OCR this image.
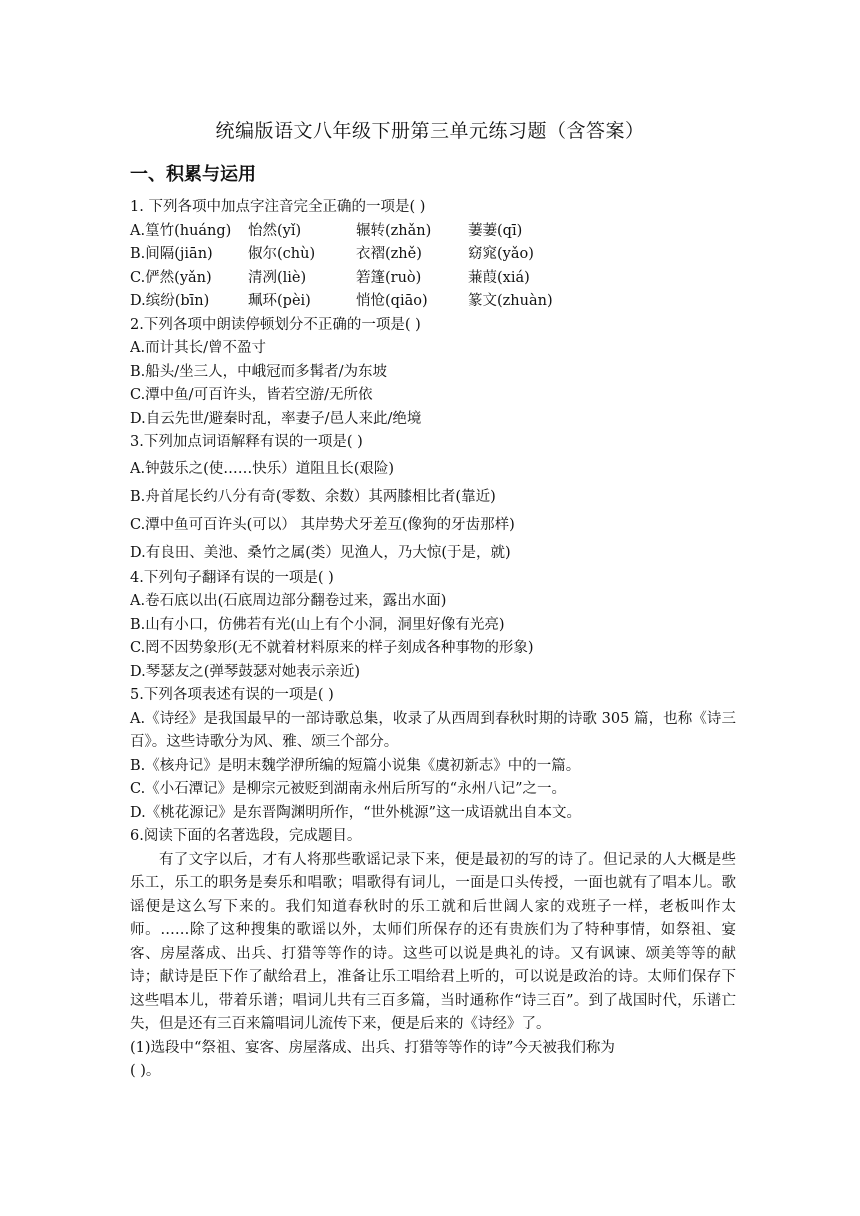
统编版语文八年级下册第三单元练习题（含答案）
一、积累与运用
1. 下列各项中加点字注音完全正确的一项是( )
A.篁竹(huáng)	怡然(yǐ)	辗转(zhǎn)	萋萋(qī)
B.间隔(jiān)	俶尔(chù)	衣褶(zhě)	窈窕(yǎo)
C.俨然(yǎn)	清冽(liè)	箬篷(ruò)	蒹葭(xiá)
D.缤纷(bīn)	珮环(pèi)	悄怆(qiāo)	篆文(zhuàn)
2.下列各项中朗读停顿划分不正确的一项是( )
A.而计其长/曾不盈寸
B.船头/坐三人，中峨冠而多髯者/为东坡
C.潭中鱼/可百许头，皆若空游/无所依
D.自云先世/避秦时乱，率妻子/邑人来此/绝境
3.下列加点词语解释有误的一项是( )
A.钟鼓乐之(使……快乐）道阻且长(艰险)
B.舟首尾长约八分有奇(零数、余数）其两膝相比者(靠近)
C.潭中鱼可百许头(可以） 其岸势犬牙差互(像狗的牙齿那样)
D.有良田、美池、桑竹之属(类）见渔人，乃大惊(于是，就)
4.下列句子翻译有误的一项是( )
A.卷石底以出(石底周边部分翻卷过来，露出水面)
B.山有小口，仿佛若有光(山上有个小洞，洞里好像有光亮)
C.罔不因势象形(无不就着材料原来的样子刻成各种事物的形象)
D.琴瑟友之(弹琴鼓瑟对她表示亲近)
5.下列各项表述有误的一项是( )
A.《诗经》是我国最早的一部诗歌总集，收录了从西周到春秋时期的诗歌 305 篇，也称《诗三百》。这些诗歌分为风、雅、颂三个部分。
B.《核舟记》是明末魏学洢所编的短篇小说集《虞初新志》中的一篇。
C.《小石潭记》是柳宗元被贬到湖南永州后所写的“永州八记”之一。
D.《桃花源记》是东晋陶渊明所作，“世外桃源”这一成语就出自本文。
6.阅读下面的名著选段，完成题目。
有了文字以后，才有人将那些歌谣记录下来，便是最初的写的诗了。但记录的人大概是些乐工，乐工的职务是奏乐和唱歌；唱歌得有词儿，一面是口头传授，一面也就有了唱本儿。歌谣便是这么写下来的。我们知道春秋时的乐工就和后世阔人家的戏班子一样，老板叫作太师。……除了这种搜集的歌谣以外，太师们所保存的还有贵族们为了特种事情，如祭祖、宴客、房屋落成、出兵、打猎等等作的诗。这些可以说是典礼的诗。又有讽谏、颂美等等的献诗；献诗是臣下作了献给君上，准备让乐工唱给君上听的，可以说是政治的诗。太师们保存下这些唱本儿，带着乐谱；唱词儿共有三百多篇，当时通称作“诗三百”。到了战国时代，乐谱亡失，但是还有三百来篇唱词儿流传下来，便是后来的《诗经》了。
(1)选段中“祭祖、宴客、房屋落成、出兵、打猎等等作的诗”今天被我们称为
( )。
